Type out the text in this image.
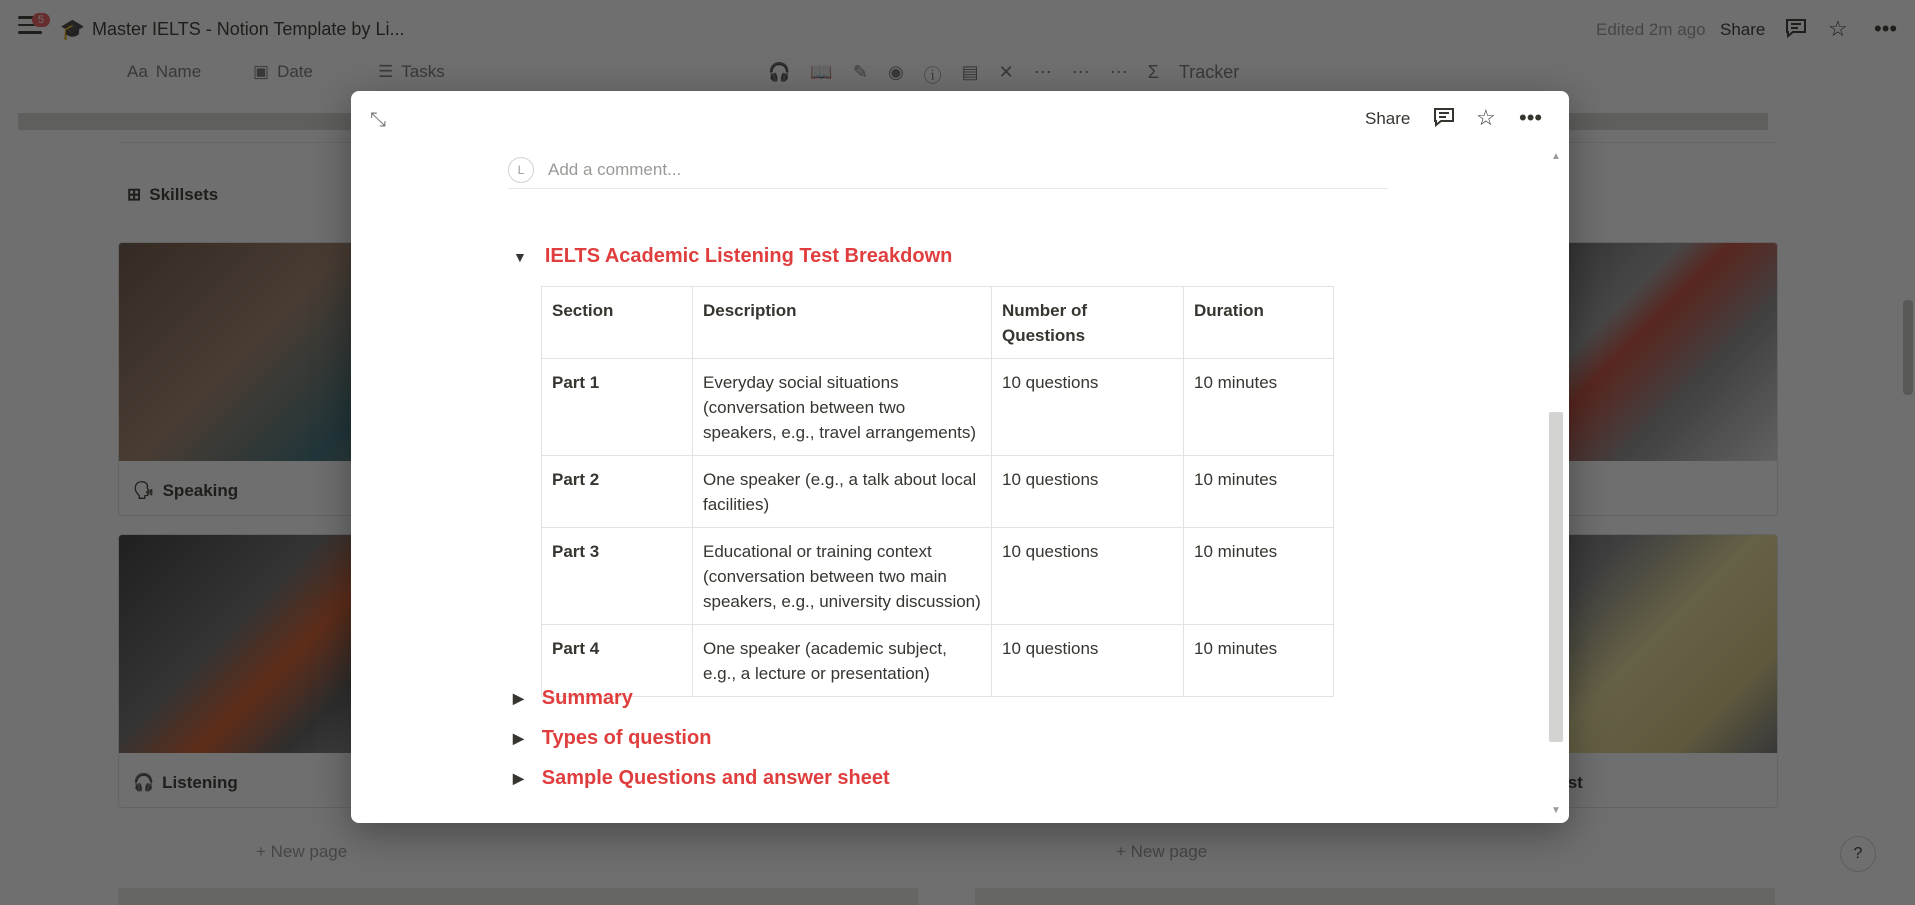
⤡	Share	☆ •••
L	Add a comment...
▼ IELTS Academic Listening Test Breakdown
Section	Description	Number of Questions	Duration
Part 1	Everyday social situations (conversation between two speakers, e.g., travel arrangements)	10 questions	10 minutes
Part 2	One speaker (e.g., a talk about local facilities)	10 questions	10 minutes
Part 3	Educational or training context (conversation between two main speakers, e.g., university discussion)	10 questions	10 minutes
Part 4	One speaker (academic subject, e.g., a lecture or presentation)	10 questions	10 minutes
▶ Summary
▶ Types of question
▶ Sample Questions and answer sheet
▲
▼
